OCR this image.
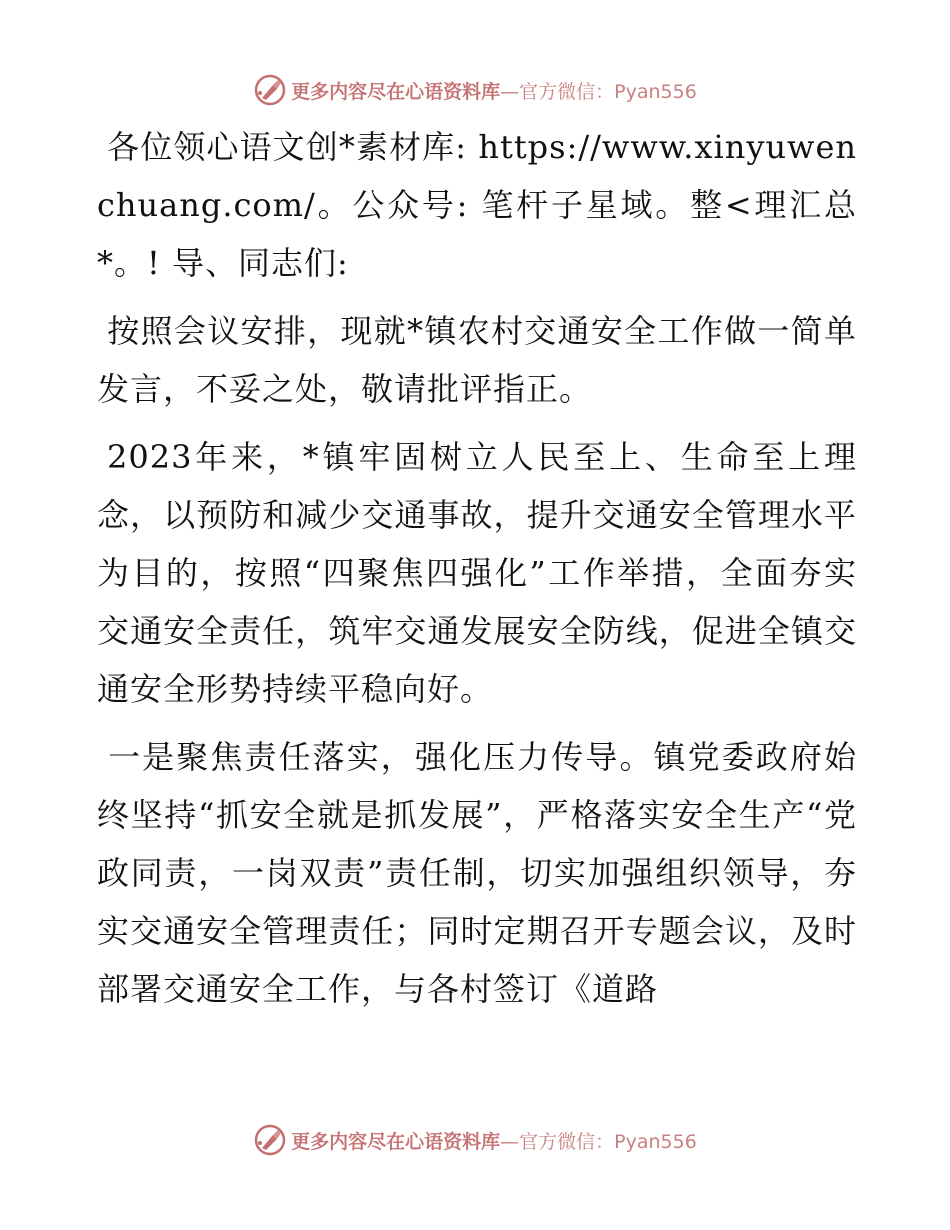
更多内容尽在心语资料库—官方微信：Pyan556

各位领心语文创*素材库: https://www.xinyuwenchuang.com/。公众号: 笔杆子星域。整<理汇总*。! 导、同志们:

按照会议安排，现就*镇农村交通安全工作做一简单发言，不妥之处，敬请批评指正。

2023年来，*镇牢固树立人民至上、生命至上理念，以预防和减少交通事故，提升交通安全管理水平为目的，按照“四聚焦四强化”工作举措，全面夯实交通安全责任，筑牢交通发展安全防线，促进全镇交通安全形势持续平稳向好。

一是聚焦责任落实，强化压力传导。镇党委政府始终坚持“抓安全就是抓发展”，严格落实安全生产“党政同责，一岗双责”责任制，切实加强组织领导，夯实交通安全管理责任；同时定期召开专题会议，及时部署交通安全工作，与各村签订《道路

更多内容尽在心语资料库—官方微信：Pyan556
